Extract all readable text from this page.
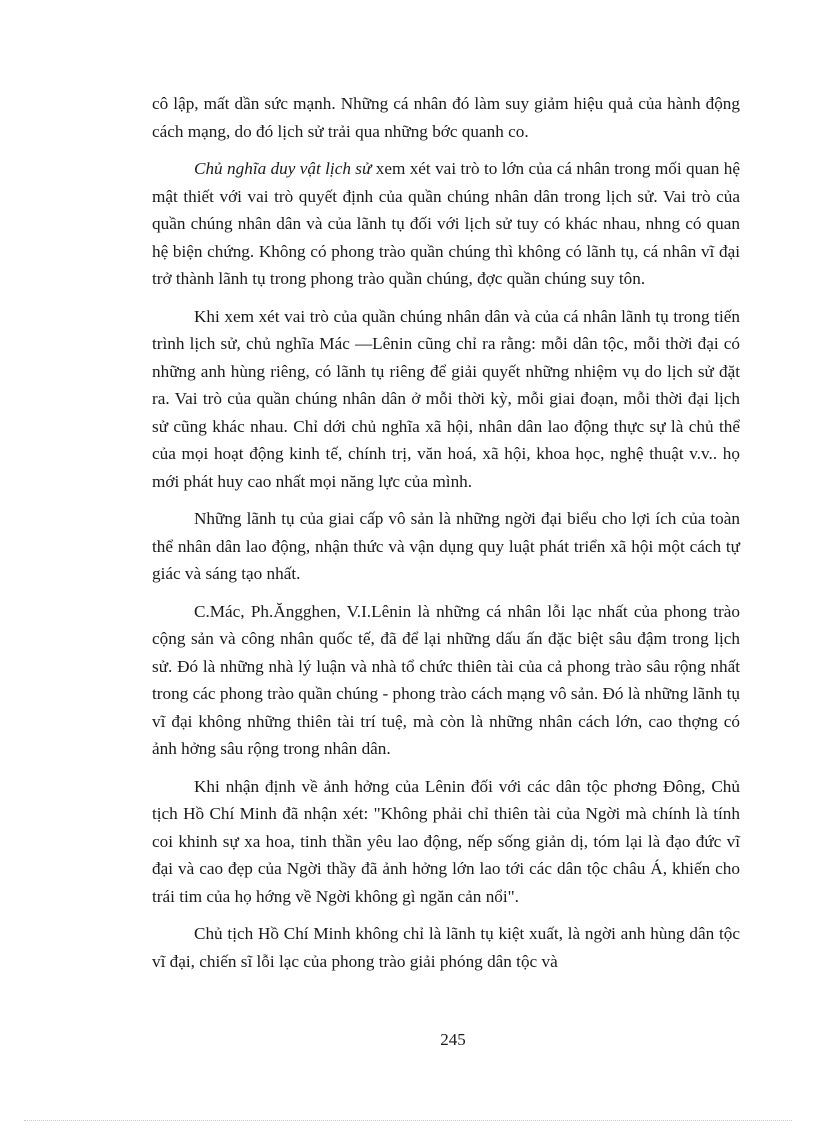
cô lập, mất dần sức mạnh. Những cá nhân đó làm suy giảm hiệu quả của hành động cách mạng, do đó lịch sử trải qua những bớc quanh co.

Chủ nghĩa duy vật lịch sử xem xét vai trò to lớn của cá nhân trong mối quan hệ mật thiết với vai trò quyết định của quần chúng nhân dân trong lịch sử. Vai trò của quần chúng nhân dân và của lãnh tụ đối với lịch sử tuy có khác nhau, nhng có quan hệ biện chứng. Không có phong trào quần chúng thì không có lãnh tụ, cá nhân vĩ đại trở thành lãnh tụ trong phong trào quần chúng, đợc quần chúng suy tôn.

Khi xem xét vai trò của quần chúng nhân dân và của cá nhân lãnh tụ trong tiến trình lịch sử, chủ nghĩa Mác —Lênin cũng chỉ ra rằng: mỗi dân tộc, mỗi thời đại có những anh hùng riêng, có lãnh tụ riêng để giải quyết những nhiệm vụ do lịch sử đặt ra. Vai trò của quần chúng nhân dân ở mỗi thời kỳ, mỗi giai đoạn, mỗi thời đại lịch sử cũng khác nhau. Chỉ dới chủ nghĩa xã hội, nhân dân lao động thực sự là chủ thể của mọi hoạt động kinh tế, chính trị, văn hoá, xã hội, khoa học, nghệ thuật v.v.. họ mới phát huy cao nhất mọi năng lực của mình.

Những lãnh tụ của giai cấp vô sản là những ngời đại biểu cho lợi ích của toàn thể nhân dân lao động, nhận thức và vận dụng quy luật phát triển xã hội một cách tự giác và sáng tạo nhất.

C.Mác, Ph.Ăngghen, V.I.Lênin là những cá nhân lỗi lạc nhất của phong trào cộng sản và công nhân quốc tế, đã để lại những dấu ấn đặc biệt sâu đậm trong lịch sử. Đó là những nhà lý luận và nhà tổ chức thiên tài của cả phong trào sâu rộng nhất trong các phong trào quần chúng - phong trào cách mạng vô sản. Đó là những lãnh tụ vĩ đại không những thiên tài trí tuệ, mà còn là những nhân cách lớn, cao thợng có ảnh hởng sâu rộng trong nhân dân.

Khi nhận định về ảnh hởng của Lênin đối với các dân tộc phơng Đông, Chủ tịch Hồ Chí Minh đã nhận xét: "Không phải chỉ thiên tài của Ngời mà chính là tính coi khinh sự xa hoa, tinh thần yêu lao động, nếp sống giản dị, tóm lại là đạo đức vĩ đại và cao đẹp của Ngời thầy đã ảnh hởng lớn lao tới các dân tộc châu Á, khiến cho trái tim của họ hớng về Ngời không gì ngăn cản nổi".

Chủ tịch Hồ Chí Minh không chỉ là lãnh tụ kiệt xuất, là ngời anh hùng dân tộc vĩ đại, chiến sĩ lỗi lạc của phong trào giải phóng dân tộc và

245
